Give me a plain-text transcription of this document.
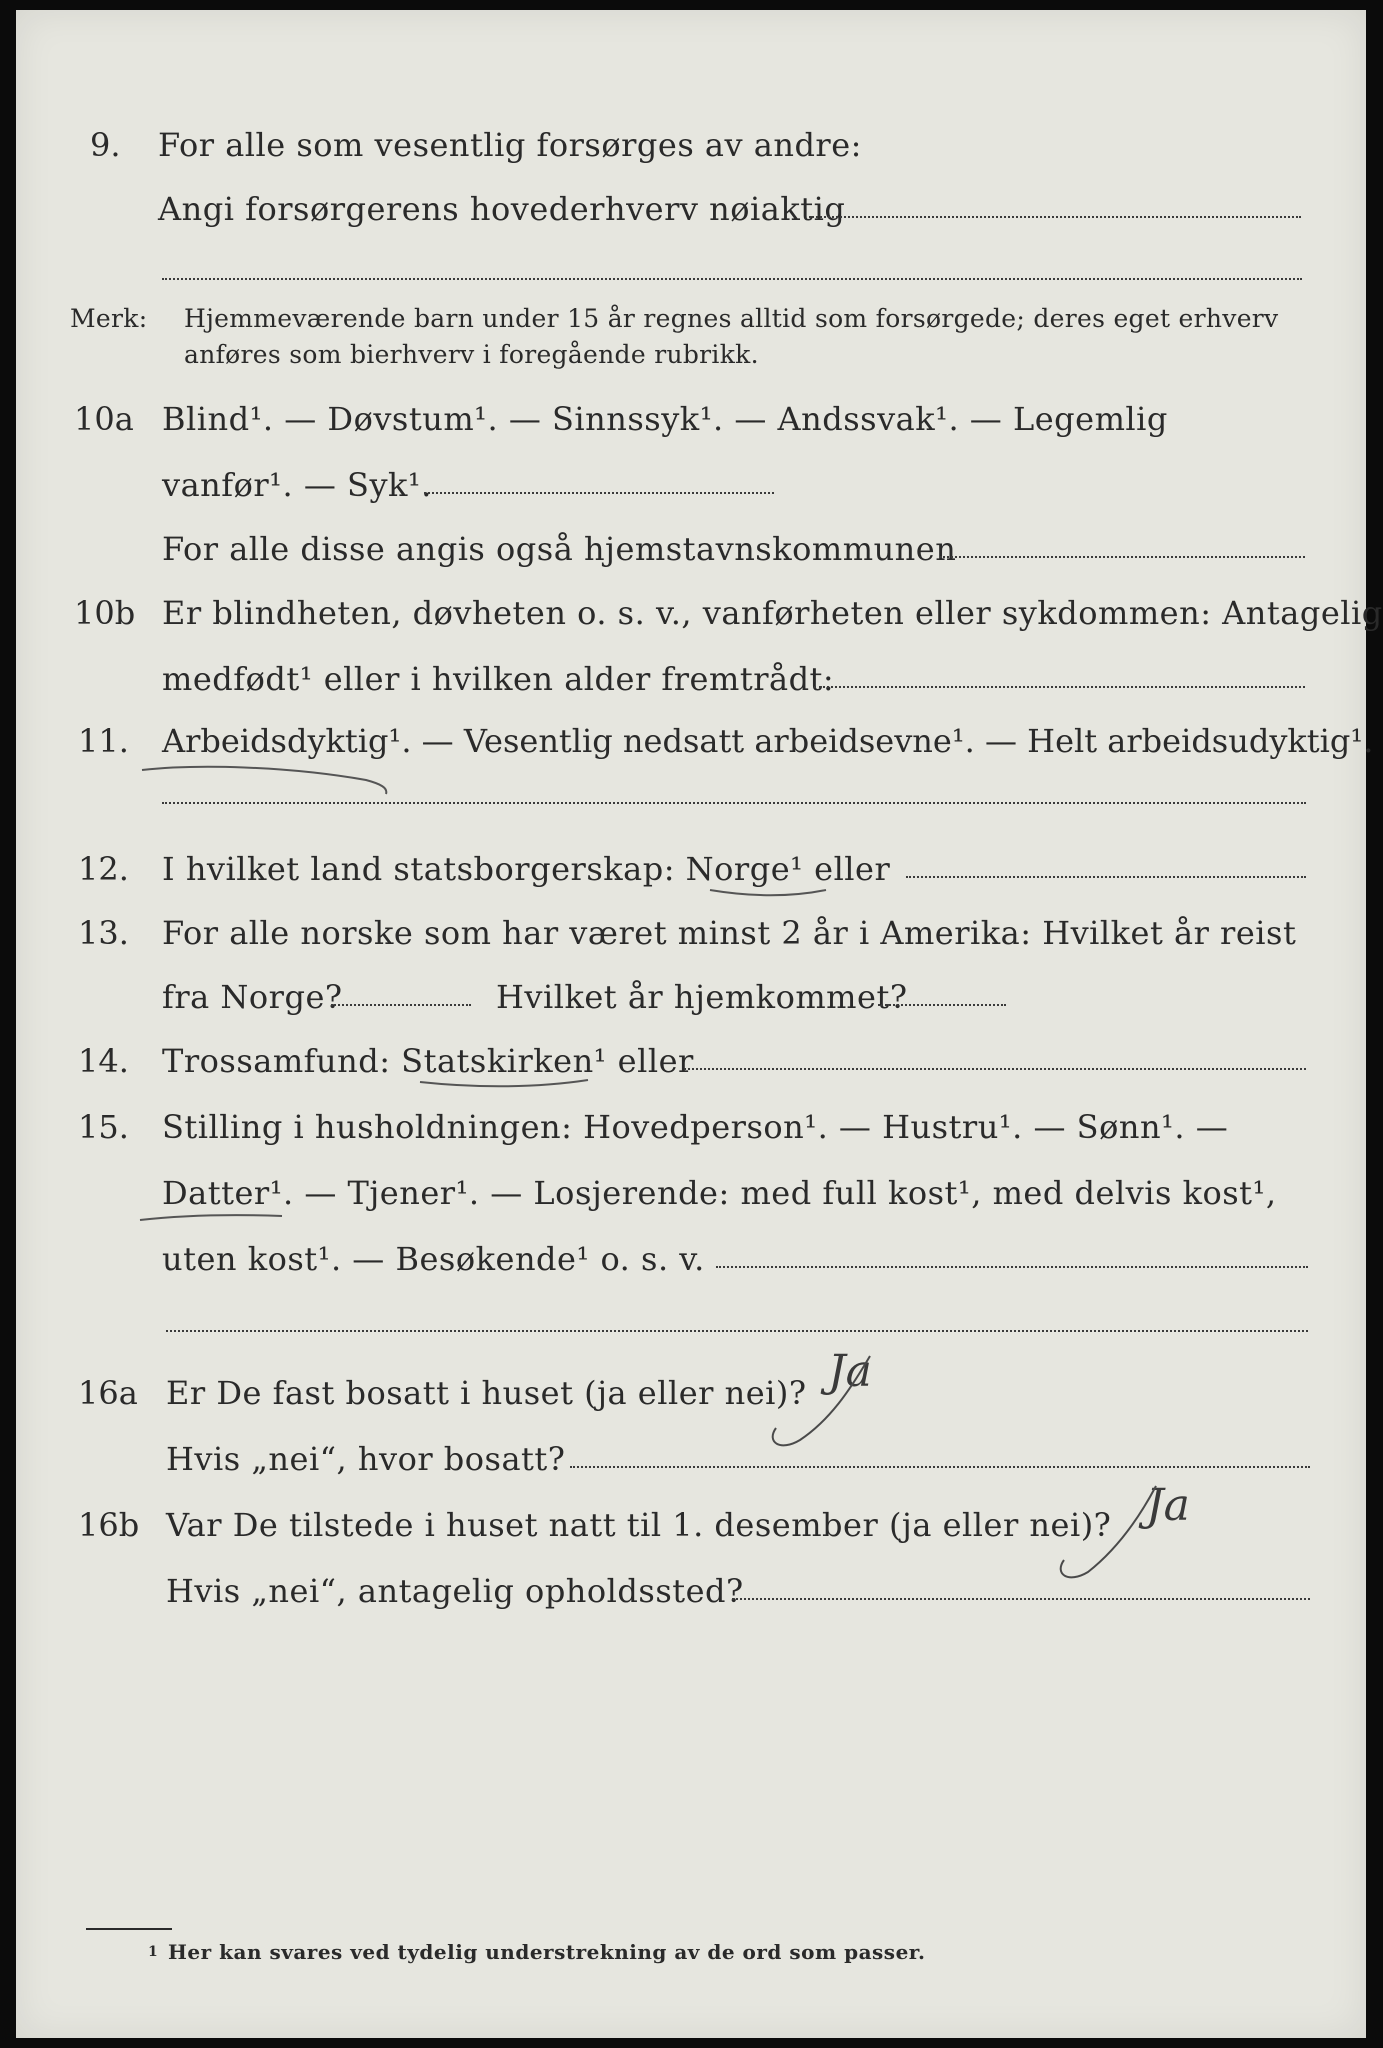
9. For alle som vesentlig forsørges av andre:
Angi forsørgerens hovederhverv nøiaktig
Merk: Hjemmeværende barn under 15 år regnes alltid som forsørgede; deres eget erhverv
anføres som bierhverv i foregående rubrikk.
10a Blind¹. — Døvstum¹. — Sinnssyk¹. — Andssvak¹. — Legemlig
vanfør¹. — Syk¹.
For alle disse angis også hjemstavnskommunen
10b Er blindheten, døvheten o. s. v., vanførheten eller sykdommen: Antagelig
medfødt¹ eller i hvilken alder fremtrådt:
11. Arbeidsdyktig¹. — Vesentlig nedsatt arbeidsevne¹. — Helt arbeidsudyktig¹.
12. I hvilket land statsborgerskap: Norge¹ eller
13. For alle norske som har været minst 2 år i Amerika: Hvilket år reist
fra Norge?	Hvilket år hjemkommet?
14. Trossamfund: Statskirken¹ eller
15. Stilling i husholdningen: Hovedperson¹. — Hustru¹. — Sønn¹. —
Datter¹. — Tjener¹. — Losjerende: med full kost¹, med delvis kost¹,
uten kost¹. — Besøkende¹ o. s. v.
16a Er De fast bosatt i huset (ja eller nei)? Ja
Hvis „nei“, hvor bosatt?
16b Var De tilstede i huset natt til 1. desember (ja eller nei)? Ja
Hvis „nei“, antagelig opholdssted?
1 Her kan svares ved tydelig understrekning av de ord som passer.
